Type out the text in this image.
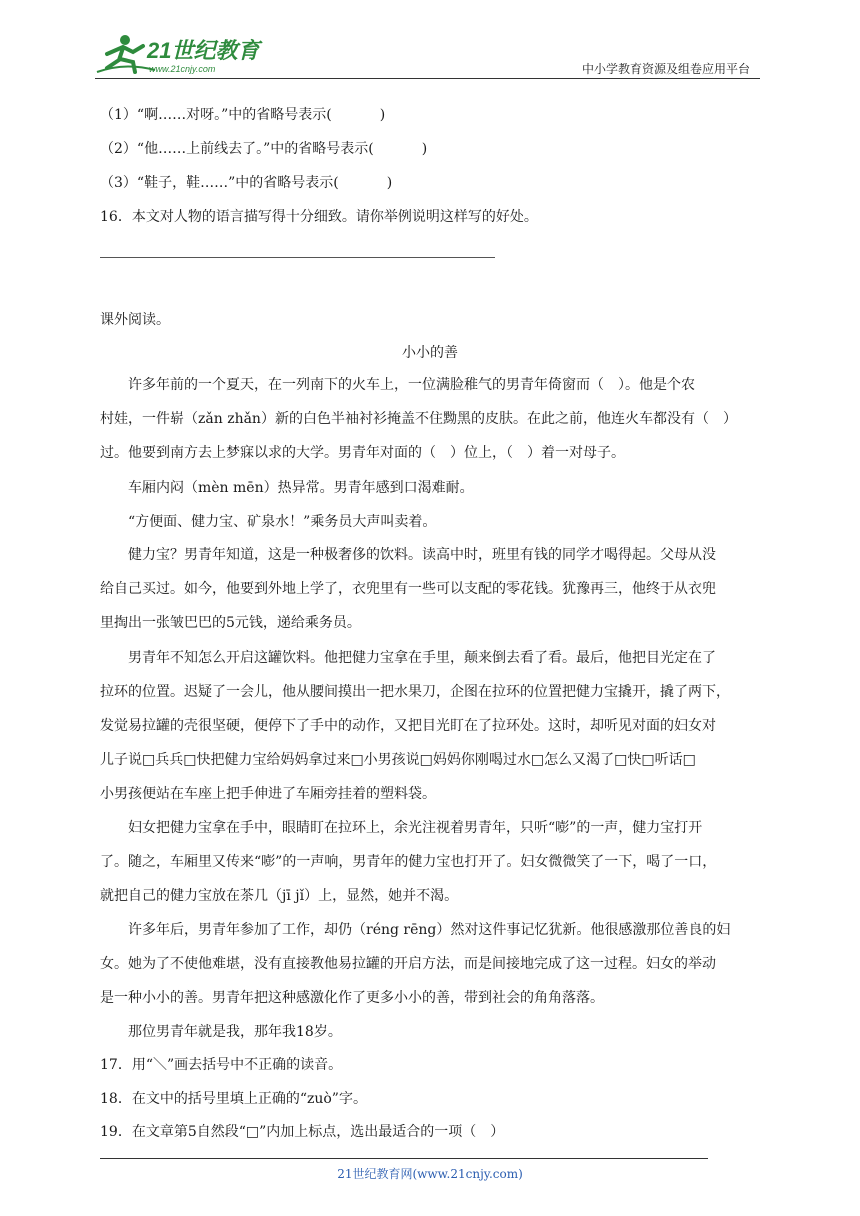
21世纪教育
www.21cnjy.com	中小学教育资源及组卷应用平台
（1）“啊……对呀。”中的省略号表示(	)
（2）“他……上前线去了。”中的省略号表示(	)
（3）“鞋子，鞋……”中的省略号表示(	)
16．本文对人物的语言描写得十分细致。请你举例说明这样写的好处。
课外阅读。
小小的善
许多年前的一个夏天，在一列南下的火车上，一位满脸稚气的男青年倚窗而（　）。他是个农
村娃，一件崭（zǎn zhǎn）新的白色半袖衬衫掩盖不住黝黑的皮肤。在此之前，他连火车都没有（　）
过。他要到南方去上梦寐以求的大学。男青年对面的（　）位上，（　）着一对母子。
车厢内闷（mèn mēn）热异常。男青年感到口渴难耐。
“方便面、健力宝、矿泉水！”乘务员大声叫卖着。
健力宝？男青年知道，这是一种极奢侈的饮料。读高中时，班里有钱的同学才喝得起。父母从没
给自己买过。如今，他要到外地上学了，衣兜里有一些可以支配的零花钱。犹豫再三，他终于从衣兜
里掏出一张皱巴巴的5元钱，递给乘务员。
男青年不知怎么开启这罐饮料。他把健力宝拿在手里，颠来倒去看了看。最后，他把目光定在了
拉环的位置。迟疑了一会儿，他从腰间摸出一把水果刀，企图在拉环的位置把健力宝撬开，撬了两下，
发觉易拉罐的壳很坚硬，便停下了手中的动作，又把目光盯在了拉环处。这时，却听见对面的妇女对
儿子说□兵兵□快把健力宝给妈妈拿过来□小男孩说□妈妈你刚喝过水□怎么又渴了□快□听话□
小男孩便站在车座上把手伸进了车厢旁挂着的塑料袋。
妇女把健力宝拿在手中，眼睛盯在拉环上，余光注视着男青年，只听“嘭”的一声，健力宝打开
了。随之，车厢里又传来“嘭”的一声响，男青年的健力宝也打开了。妇女微微笑了一下，喝了一口，
就把自己的健力宝放在茶几（jī jǐ）上，显然，她并不渴。
许多年后，男青年参加了工作，却仍（réng rēng）然对这件事记忆犹新。他很感激那位善良的妇
女。她为了不使他难堪，没有直接教他易拉罐的开启方法，而是间接地完成了这一过程。妇女的举动
是一种小小的善。男青年把这种感激化作了更多小小的善，带到社会的角角落落。
那位男青年就是我，那年我18岁。
17．用“＼”画去括号中不正确的读音。
18．在文中的括号里填上正确的“zuò”字。
19．在文章第5自然段“□”内加上标点，选出最适合的一项（　）
21世纪教育网(www.21cnjy.com)
